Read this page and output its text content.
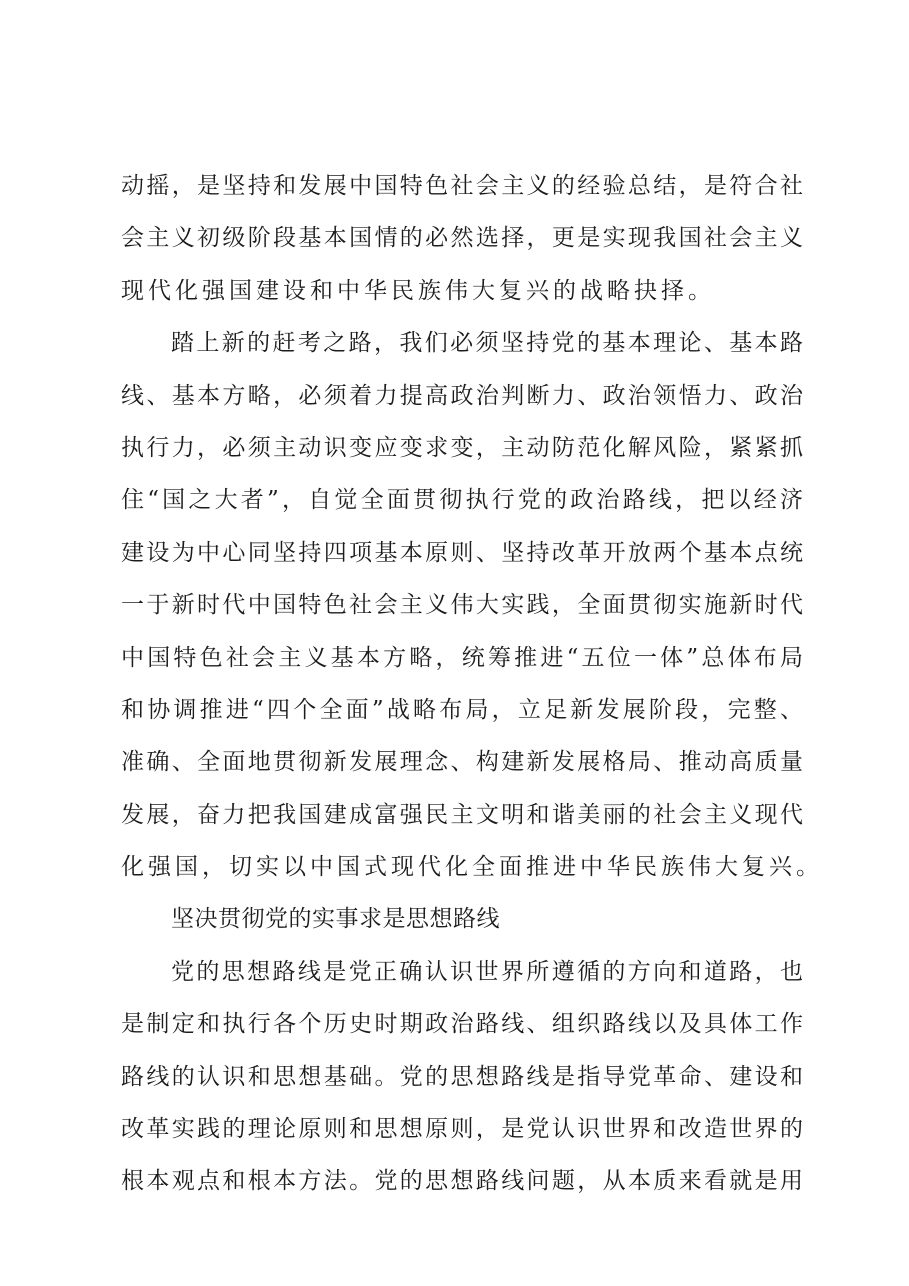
动摇，是坚持和发展中国特色社会主义的经验总结，是符合社
会主义初级阶段基本国情的必然选择，更是实现我国社会主义
现代化强国建设和中华民族伟大复兴的战略抉择。
踏上新的赶考之路，我们必须坚持党的基本理论、基本路
线、基本方略，必须着力提高政治判断力、政治领悟力、政治
执行力，必须主动识变应变求变，主动防范化解风险，紧紧抓
住“国之大者”，自觉全面贯彻执行党的政治路线，把以经济
建设为中心同坚持四项基本原则、坚持改革开放两个基本点统
一于新时代中国特色社会主义伟大实践，全面贯彻实施新时代
中国特色社会主义基本方略，统筹推进“五位一体”总体布局
和协调推进“四个全面”战略布局，立足新发展阶段，完整、
准确、全面地贯彻新发展理念、构建新发展格局、推动高质量
发展，奋力把我国建成富强民主文明和谐美丽的社会主义现代
化强国，切实以中国式现代化全面推进中华民族伟大复兴。
坚决贯彻党的实事求是思想路线
党的思想路线是党正确认识世界所遵循的方向和道路，也
是制定和执行各个历史时期政治路线、组织路线以及具体工作
路线的认识和思想基础。党的思想路线是指导党革命、建设和
改革实践的理论原则和思想原则，是党认识世界和改造世界的
根本观点和根本方法。党的思想路线问题，从本质来看就是用
